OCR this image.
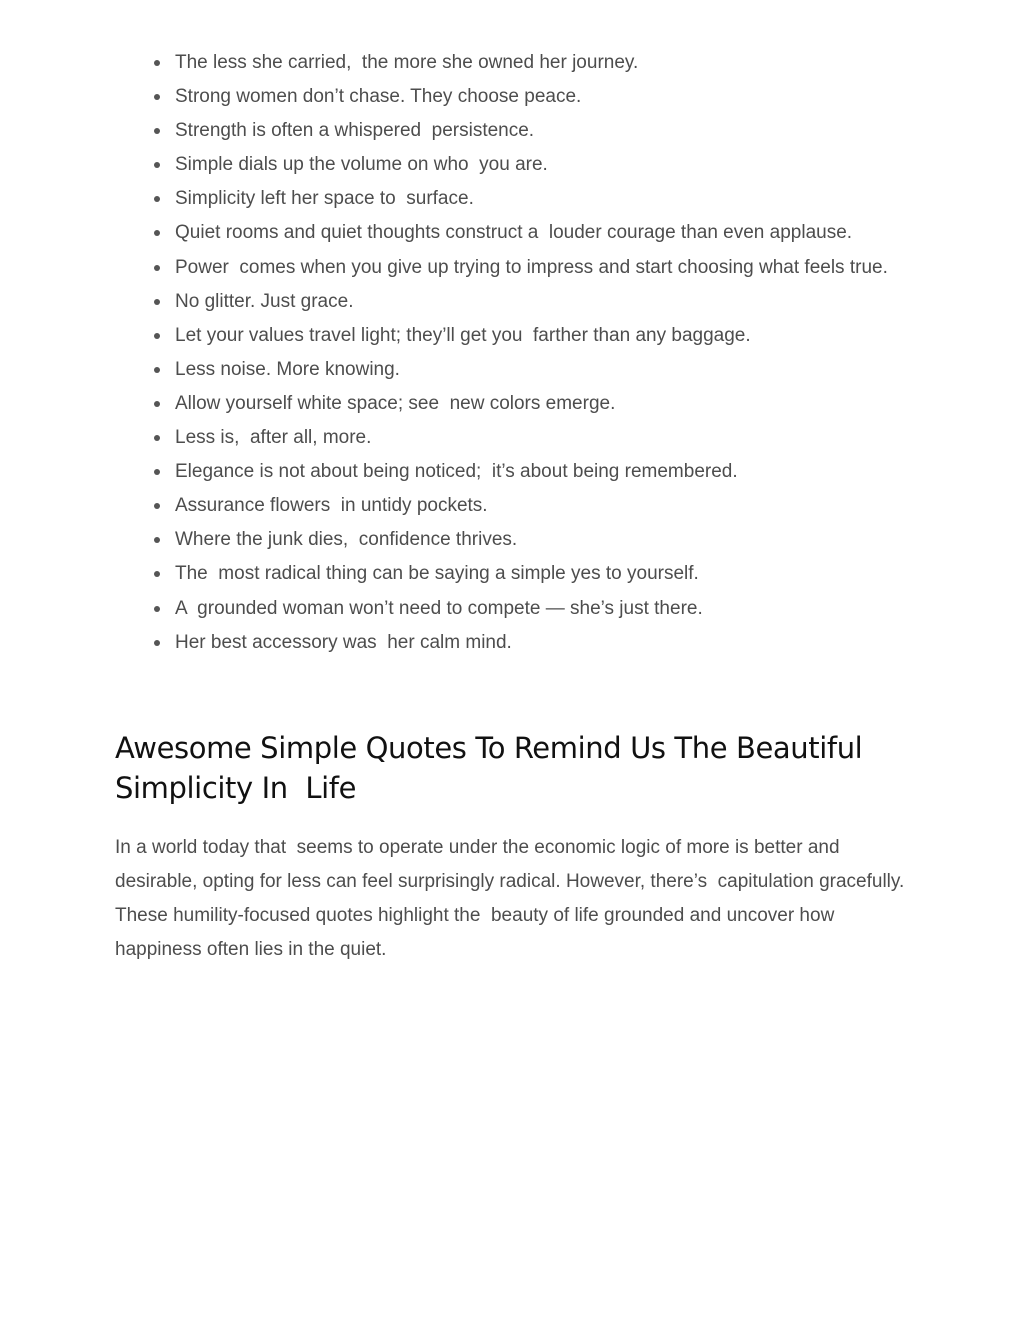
The less she carried,  the more she owned her journey.
Strong women don’t chase. They choose peace.
Strength is often a whispered  persistence.
Simple dials up the volume on who  you are.
Simplicity left her space to  surface.
Quiet rooms and quiet thoughts construct a  louder courage than even applause.
Power  comes when you give up trying to impress and start choosing what feels true.
No glitter. Just grace.
Let your values travel light; they’ll get you  farther than any baggage.
Less noise. More knowing.
Allow yourself white space; see  new colors emerge.
Less is,  after all, more.
Elegance is not about being noticed;  it’s about being remembered.
Assurance flowers  in untidy pockets.
Where the junk dies,  confidence thrives.
The  most radical thing can be saying a simple yes to yourself.
A  grounded woman won’t need to compete — she’s just there.
Her best accessory was  her calm mind.
Awesome Simple Quotes To Remind Us The Beautiful Simplicity In  Life

In a world today that  seems to operate under the economic logic of more is better and desirable, opting for less can feel surprisingly radical. However, there’s  capitulation gracefully. These humility-focused quotes highlight the  beauty of life grounded and uncover how happiness often lies in the quiet.
